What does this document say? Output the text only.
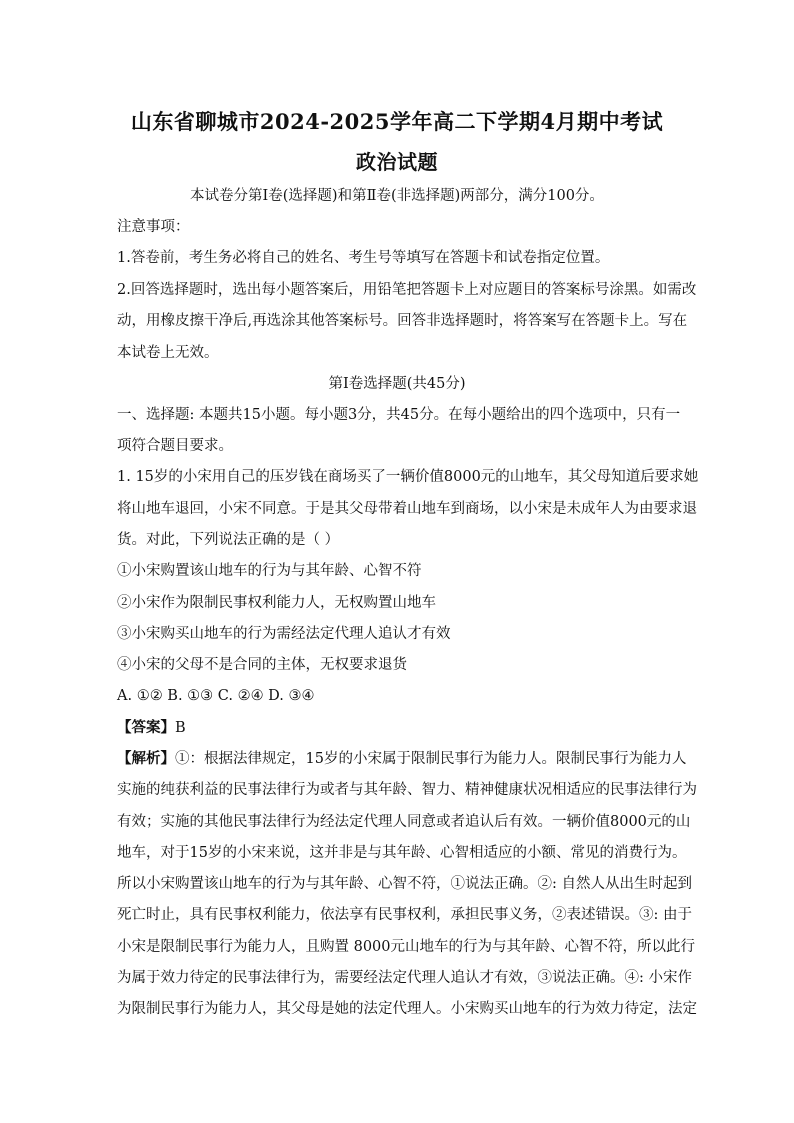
山东省聊城市2024-2025学年高二下学期4月期中考试
政治试题
本试卷分第Ⅰ卷(选择题)和第Ⅱ卷(非选择题)两部分，满分100分。
注意事项：
1.答卷前，考生务必将自己的姓名、考生号等填写在答题卡和试卷指定位置。
2.回答选择题时，选出每小题答案后，用铅笔把答题卡上对应题目的答案标号涂黑。如需改
动，用橡皮擦干净后,再选涂其他答案标号。回答非选择题时，将答案写在答题卡上。写在
本试卷上无效。
第Ⅰ卷选择题(共45分)
一、选择题: 本题共15小题。每小题3分，共45分。在每小题给出的四个选项中，只有一
项符合题目要求。
1. 15岁的小宋用自己的压岁钱在商场买了一辆价值8000元的山地车，其父母知道后要求她
将山地车退回，小宋不同意。于是其父母带着山地车到商场，以小宋是未成年人为由要求退
货。对此，下列说法正确的是（ ）
①小宋购置该山地车的行为与其年龄、心智不符
②小宋作为限制民事权利能力人，无权购置山地车
③小宋购买山地车的行为需经法定代理人追认才有效
④小宋的父母不是合同的主体，无权要求退货
A. ①② B. ①③ C. ②④ D. ③④
【答案】B
【解析】①：根据法律规定，15岁的小宋属于限制民事行为能力人。限制民事行为能力人
实施的纯获利益的民事法律行为或者与其年龄、智力、精神健康状况相适应的民事法律行为
有效；实施的其他民事法律行为经法定代理人同意或者追认后有效。一辆价值8000元的山
地车，对于15岁的小宋来说，这并非是与其年龄、心智相适应的小额、常见的消费行为。
所以小宋购置该山地车的行为与其年龄、心智不符，①说法正确。②: 自然人从出生时起到
死亡时止，具有民事权利能力，依法享有民事权利，承担民事义务，②表述错误。③: 由于
小宋是限制民事行为能力人，且购置 8000元山地车的行为与其年龄、心智不符，所以此行
为属于效力待定的民事法律行为，需要经法定代理人追认才有效，③说法正确。④: 小宋作
为限制民事行为能力人，其父母是她的法定代理人。小宋购买山地车的行为效力待定，法定
